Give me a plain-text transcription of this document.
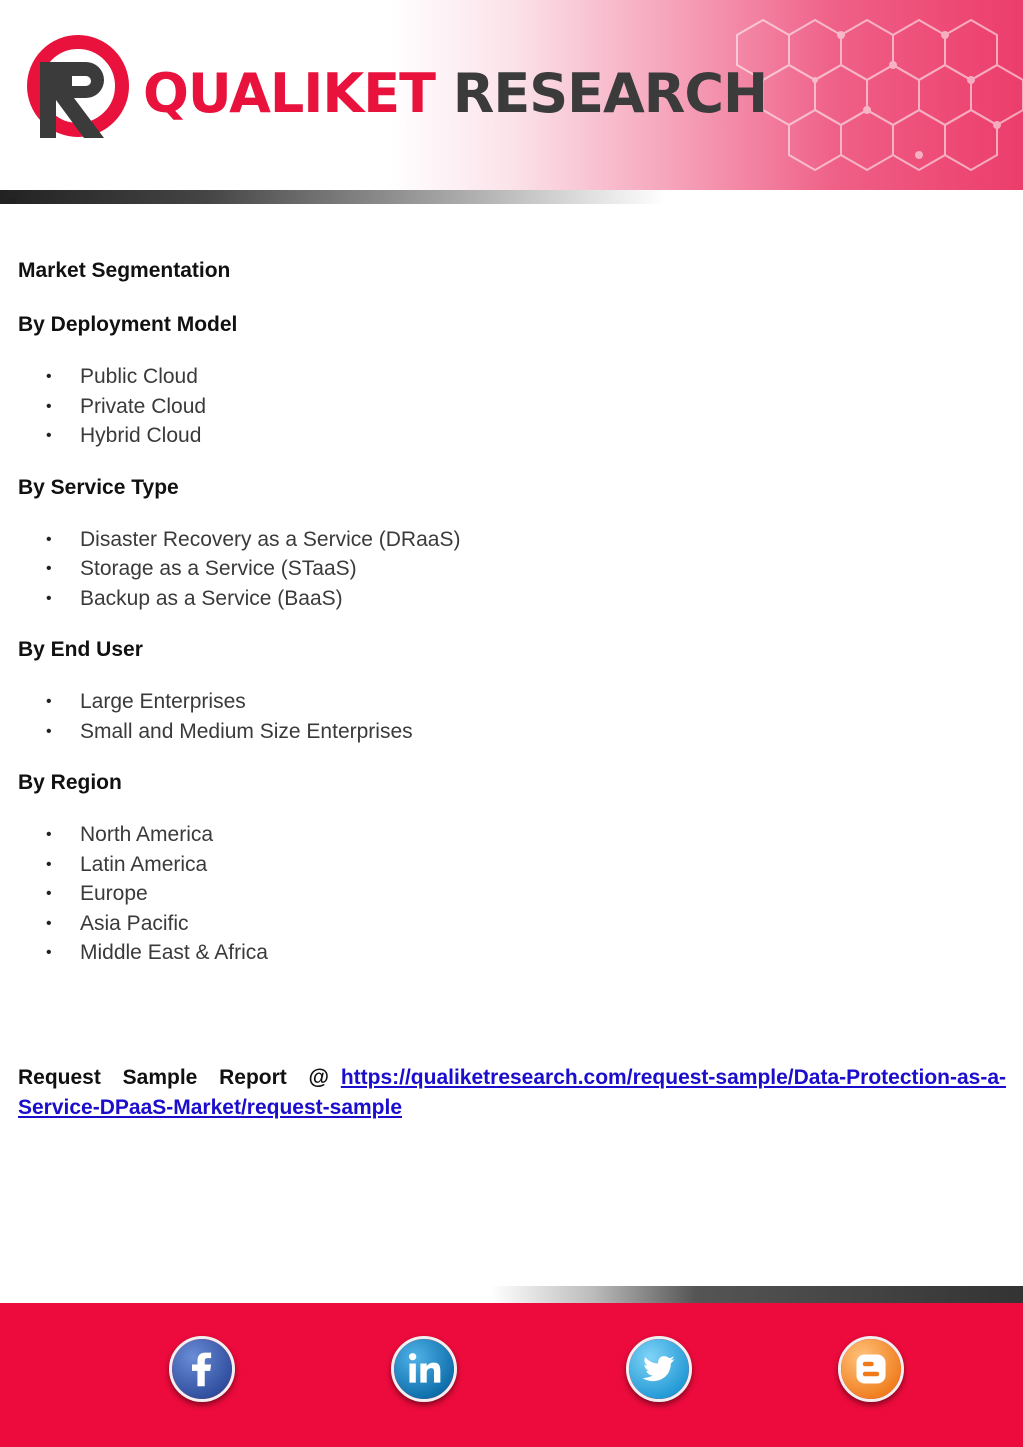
QUALIKET RESEARCH
Market Segmentation
By Deployment Model
• Public Cloud
• Private Cloud
• Hybrid Cloud
By Service Type
• Disaster Recovery as a Service (DRaaS)
• Storage as a Service (STaaS)
• Backup as a Service (BaaS)
By End User
• Large Enterprises
• Small and Medium Size Enterprises
By Region
• North America
• Latin America
• Europe
• Asia Pacific
• Middle East & Africa
Request Sample Report @ https://qualiketresearch.com/request-sample/Data-Protection-as-a-Service-DPaaS-Market/request-sample
